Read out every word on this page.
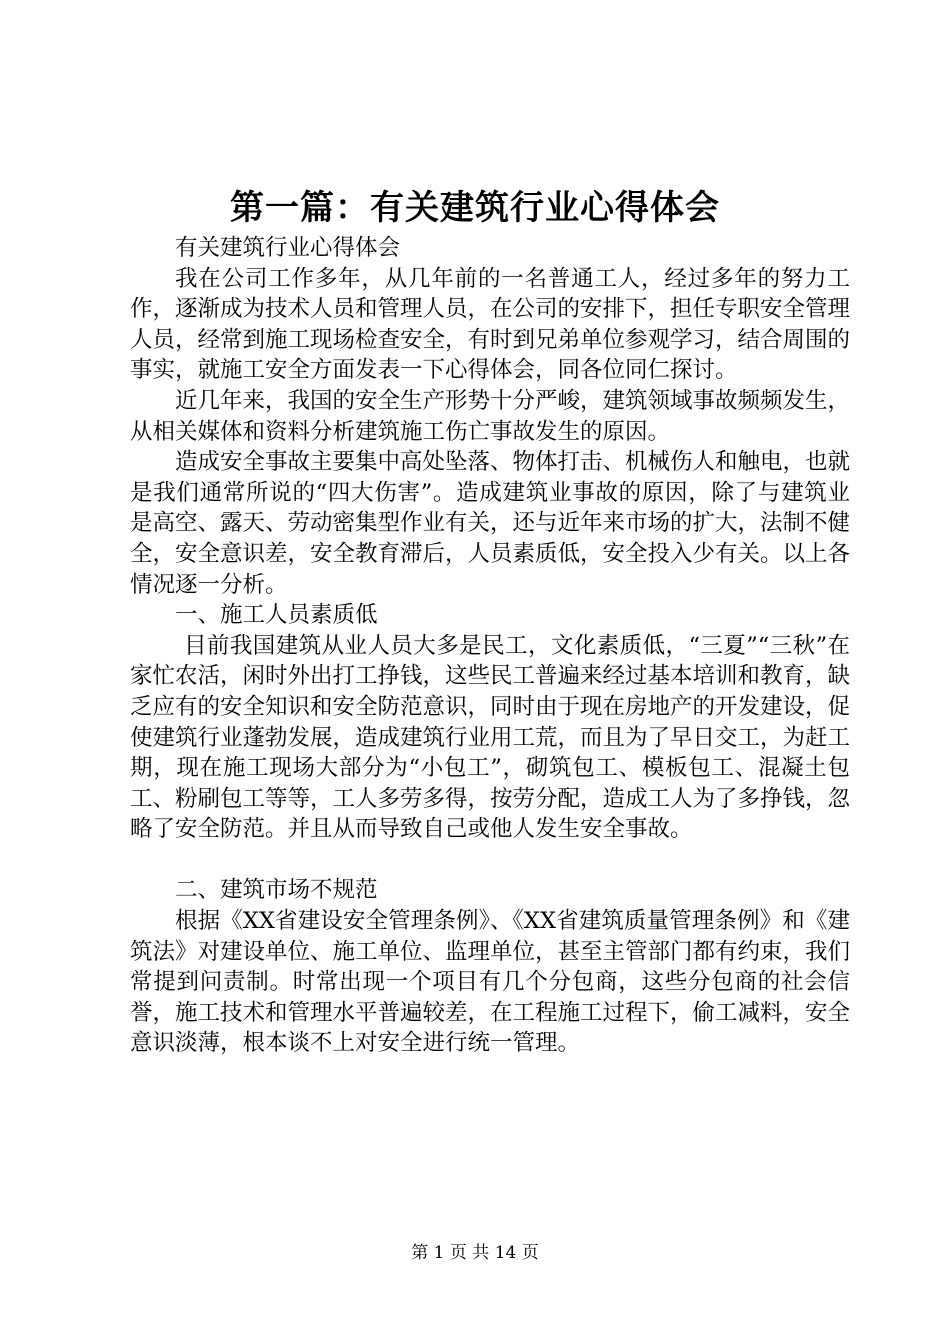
第一篇：有关建筑行业心得体会

有关建筑行业心得体会

我在公司工作多年，从几年前的一名普通工人，经过多年的努力工作，逐渐成为技术人员和管理人员，在公司的安排下，担任专职安全管理人员，经常到施工现场检查安全，有时到兄弟单位参观学习，结合周围的事实，就施工安全方面发表一下心得体会，同各位同仁探讨。

近几年来，我国的安全生产形势十分严峻，建筑领域事故频频发生，从相关媒体和资料分析建筑施工伤亡事故发生的原因。

造成安全事故主要集中高处坠落、物体打击、机械伤人和触电，也就是我们通常所说的“四大伤害”。造成建筑业事故的原因，除了与建筑业是高空、露天、劳动密集型作业有关，还与近年来市场的扩大，法制不健全，安全意识差，安全教育滞后，人员素质低，安全投入少有关。以上各情况逐一分析。

一、施工人员素质低

目前我国建筑从业人员大多是民工，文化素质低，“三夏”“三秋”在家忙农活，闲时外出打工挣钱，这些民工普遍来经过基本培训和教育，缺乏应有的安全知识和安全防范意识，同时由于现在房地产的开发建设，促使建筑行业蓬勃发展，造成建筑行业用工荒，而且为了早日交工，为赶工期，现在施工现场大部分为“小包工”，砌筑包工、模板包工、混凝土包工、粉刷包工等等，工人多劳多得，按劳分配，造成工人为了多挣钱，忽略了安全防范。并且从而导致自己或他人发生安全事故。

二、建筑市场不规范

根据《XX省建设安全管理条例》、《XX省建筑质量管理条例》和《建筑法》对建设单位、施工单位、监理单位，甚至主管部门都有约束，我们常提到问责制。时常出现一个项目有几个分包商，这些分包商的社会信誉，施工技术和管理水平普遍较差，在工程施工过程下，偷工减料，安全意识淡薄，根本谈不上对安全进行统一管理。

第 1 页 共 14 页
